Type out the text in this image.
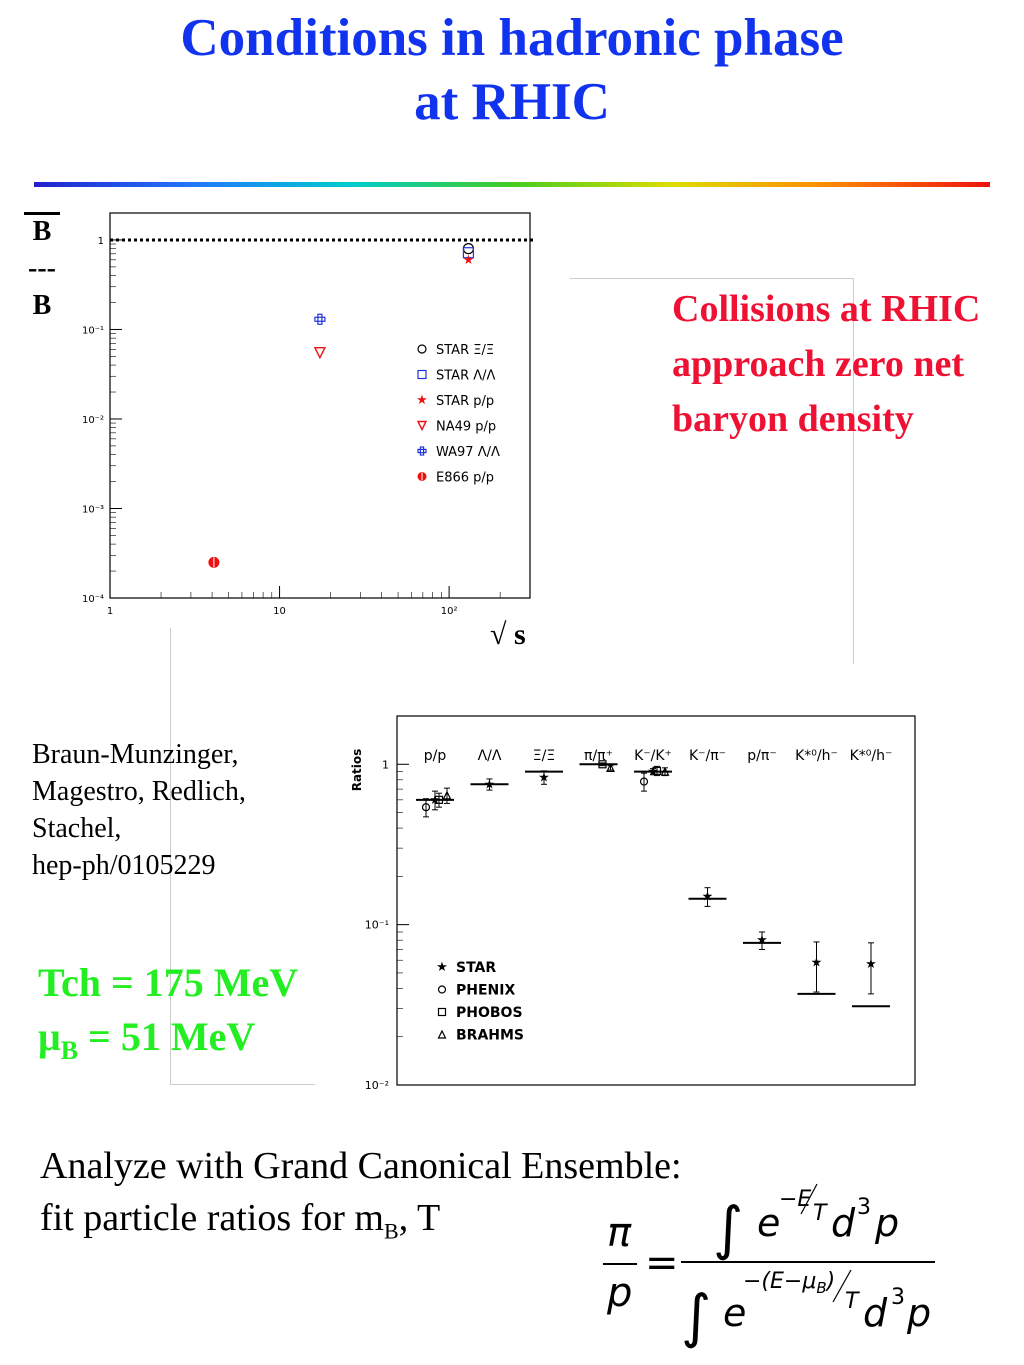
Conditions in hadronic phase
at RHIC
B
---
B
1
10⁻¹
10⁻²
10⁻³
10⁻⁴
1	10	10²
★
STAR Ξ/Ξ
STAR Λ/Λ
★ STAR p/p
NA49 p/p
WA97 Λ/Λ
E866 p/p
√ s
Collisions at RHIC approach zero net baryon density
Braun-Munzinger,
Magestro, Redlich,
Stachel,
hep-ph/0105229
Tch = 175 MeV
$\mu_B = 51$ MeV
Ratios 1
10⁻¹
10⁻²
p/p Λ/Λ Ξ/Ξ π/π⁺ K⁻/K⁺ K⁻/π⁻ p/π⁻ K*⁰/h⁻ K*⁰/h⁻
★
★	★	★
★
★
★	★
★ STAR
PHENIX
PHOBOS
BRAHMS
Analyze with Grand Canonical Ensemble:
fit particle ratios for $m_B$, T	π
p
=
∫ e
−E
T d 3 p
∫ e
$-(E-\mu_B)$
T d 3 p
